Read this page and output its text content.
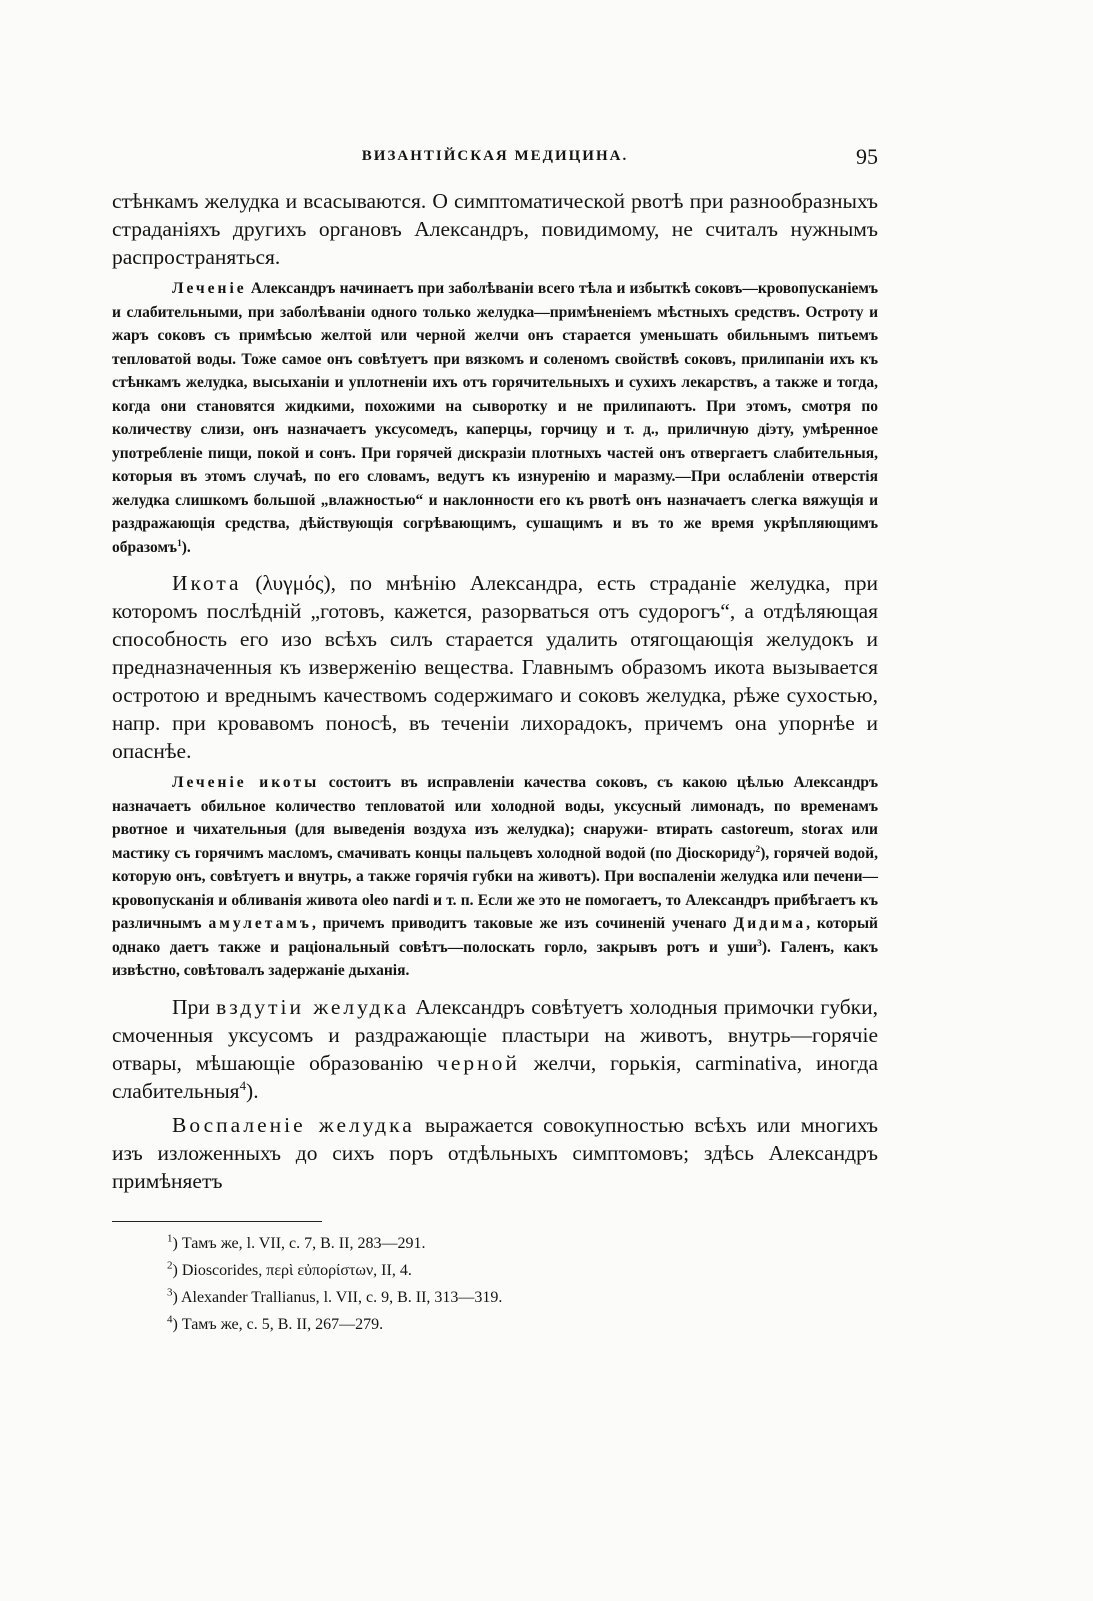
ВИЗАНТІЙСКАЯ МЕДИЦИНА.	95

стѣнкамъ желудка и всасываются. О симптоматической рвотѣ при разнообразныхъ страданіяхъ другихъ органовъ Александръ, повидимому, не считалъ нужнымъ распространяться.

Леченіе Александръ начинаетъ при заболѣваніи всего тѣла и избыткѣ соковъ—кровопусканіемъ и слабительными, при заболѣваніи одного только желудка—примѣненіемъ мѣстныхъ средствъ. Остроту и жаръ соковъ съ примѣсью желтой или черной желчи онъ старается уменьшать обильнымъ питьемъ тепловатой воды. Тоже самое онъ совѣтуетъ при вязкомъ и соленомъ свойствѣ соковъ, прилипаніи ихъ къ стѣнкамъ желудка, высыханіи и уплотненіи ихъ отъ горячительныхъ и сухихъ лекарствъ, а также и тогда, когда они становятся жидкими, похожими на сыворотку и не прилипаютъ. При этомъ, смотря по количеству слизи, онъ назначаетъ уксусомедъ, каперцы, горчицу и т. д., приличную діэту, умѣренное употребленіе пищи, покой и сонъ. При горячей дискразіи плотныхъ частей онъ отвергаетъ слабительныя, которыя въ этомъ случаѣ, по его словамъ, ведутъ къ изнуренію и маразму.—При ослабленіи отверстія желудка слишкомъ большой „влажностью“ и наклонности его къ рвотѣ онъ назначаетъ слегка вяжущія и раздражающія средства, дѣйствующія согрѣвающимъ, сушащимъ и въ то же время укрѣпляющимъ образомъ$^1$).

Икота (λυγμός), по мнѣнію Александра, есть страданіе желудка, при которомъ послѣдній „готовъ, кажется, разорваться отъ судорогъ“, а отдѣляющая способность его изо всѣхъ силъ старается удалить отягощающія желудокъ и предназначенныя къ изверженію вещества. Главнымъ образомъ икота вызывается остротою и вреднымъ качествомъ содержимаго и соковъ желудка, рѣже сухостью, напр. при кровавомъ поносѣ, въ теченіи лихорадокъ, причемъ она упорнѣе и опаснѣе.

Леченіе икоты состоитъ въ исправленіи качества соковъ, съ какою цѣлью Александръ назначаетъ обильное количество тепловатой или холодной воды, уксусный лимонадъ, по временамъ рвотное и чихательныя (для выведенія воздуха изъ желудка); снаружи- втирать castoreum, storax или мастику съ горячимъ масломъ, смачивать концы пальцевъ холодной водой (по Діоскориду$^2$), горячей водой, которую онъ, совѣтуетъ и внутрь, а также горячія губки на животъ). При воспаленіи желудка или печени—кровопусканія и обливанія живота oleo nardi и т. п. Если же это не помогаетъ, то Александръ прибѣгаетъ къ различнымъ амулетамъ, причемъ приводитъ таковые же изъ сочиненій ученаго Дидима, который однако даетъ также и раціональный совѣтъ—полоскать горло, закрывъ ротъ и уши$^3$). Галенъ, какъ извѣстно, совѣтовалъ задержаніе дыханія.

При вздутіи желудка Александръ совѣтуетъ холодныя примочки губки, смоченныя уксусомъ и раздражающіе пластыри на животъ, внутрь—горячіе отвары, мѣшающіе образованію черной желчи, горькія, carminativa, иногда слабительныя$^4$).

Воспаленіе желудка выражается совокупностью всѣхъ или многихъ изъ изложенныхъ до сихъ поръ отдѣльныхъ симптомовъ; здѣсь Александръ примѣняетъ

$^1$) Тамъ же, l. VII, c. 7, B. II, 283—291.
$^2$) Dioscorides, περὶ εὐπορίστων, II, 4.
$^3$) Alexander Trallianus, l. VII, c. 9, B. II, 313—319.
$^4$) Тамъ же, c. 5, B. II, 267—279.
